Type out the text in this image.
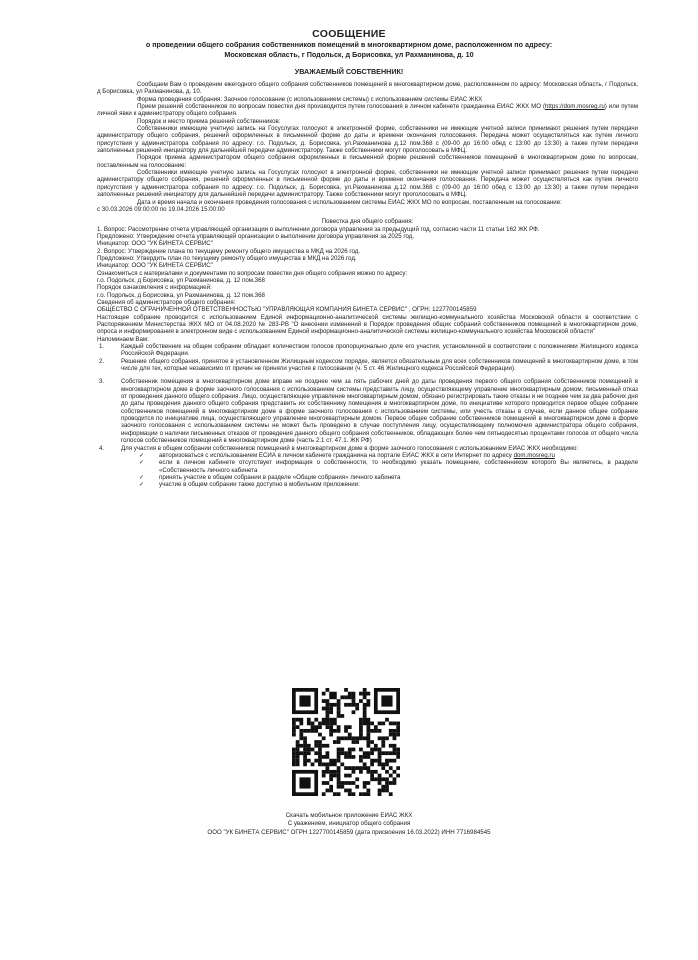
СООБЩЕНИЕ
о проведении общего собрания собственников помещений в многоквартирном доме, расположенном по адресу:
Московская область, г Подольск, д Борисовка, ул Рахманинова, д. 10
УВАЖАЕМЫЙ СОБСТВЕННИК!

Сообщаем Вам о проведении ежегодного общего собрания собственников помещений в многоквартирном доме, расположенном по адресу: Московская область, г Подольск, д Борисовка, ул Рахманинова, д. 10.

Форма проведения собрания: Заочное голосование (с использованием системы) с использованием системы ЕИАС ЖКХ

Прием решений собственников по вопросам повестки дня производится путем голосования в личном кабинете гражданина ЕИАС ЖКХ МО (https://dom.mosreg.ru) или путем личной явки к администратору общего собрания.

Порядок и место приема решений собственников:

Собственники имеющие учетную запись на Госуслугах голосуют в электронной форме, собственники не имеющие учетной записи принимают решения путем передачи администратору общего собрания, решений оформленных в письменной форме до даты и времени окончания голосования. Передача может осуществляться как путем личного присутствия у администратора собрания по адресу: г.о. Подольск, д. Борисовка, ул.Рахманинова д.12 пом.368 с (09-00 до 16:00 обед с 13:00 до 13:30) а также путем передачи заполненных решений инициатору для дальнейшей передачи администратору. Также собственники могут проголосовать в МФЦ.

Порядок приема администратором общего собрания оформленных в письменной форме решений собственников помещений в многоквартирном доме по вопросам, поставленным на голосование:

Собственники имеющие учетную запись на Госуслугах голосуют в электронной форме, собственники не имеющие учетной записи принимают решения путем передачи администратору общего собрания, решений оформленных в письменной форме до даты и времени окончания голосования. Передача может осуществляться как путем личного присутствия у администратора собрания по адресу: г.о. Подольск, д. Борисовка, ул.Рахманинова д.12 пом.368 с (09-00 до 16:00 обед с 13:00 до 13:30) а также путем передачи заполненных решений инициатору для дальнейшей передачи администратору. Также собственники могут проголосовать в МФЦ.

Дата и время начала и окончания проведения голосования с использованием системы ЕИАС ЖКХ МО по вопросам, поставленным на голосование:

с 30.03.2026 09:00:00 по 19.04.2026 15:00:00

Повестка дня общего собрания:

1. Вопрос: Рассмотрение отчета управляющей организации о выполнении договора управления за предыдущий год, согласно части 11 статьи 162 ЖК РФ.

Предложено: Утверждение отчета управляющей организации о выполнении договора управления за 2025 год.

Инициатор: ООО "УК БИНЕТА СЕРВИС"

2. Вопрос: Утверждение плана по текущему ремонту общего имущества в МКД на 2026 год.

Предложено: Утвердить план по текущему ремонту общего имущества в МКД на 2026 год.

Инициатор: ООО "УК БИНЕТА СЕРВИС"

Ознакомиться с материалами и документами по вопросам повестки дня общего собрания можно по адресу:

г.о. Подольск, д Борисовка, ул Рахманинова, д. 12 пом.368

Порядок ознакомления с информацией:

г.о. Подольск, д Борисовка, ул Рахманинова, д. 12 пом.368

Сведения об администраторе общего собрания:

ОБЩЕСТВО С ОГРАНИЧЕННОЙ ОТВЕТСТВЕННОСТЬЮ "УПРАВЛЯЮЩАЯ КОМПАНИЯ БИНЕТА СЕРВИС" , ОГРН: 1227700145859

Настоящее собрание проводится с использованием Единой информационно-аналитической системы жилищно-коммунального хозяйства Московской области в соответствии с Распоряжением Министерства ЖКХ МО от 04.08.2020 № 283-РВ "О внесении изменений в Порядок проведения общих собраний собственников помещений в многоквартирном доме, опроса и информирования в электронном виде с использованием Единой информационно-аналитической системы жилищно-коммунального хозяйства Московской области"

Напоминаем Вам:

1.	Каждый собственник на общем собрании обладает количеством голосов пропорционально доле его участия, установленной в соответствии с положениями Жилищного кодекса Российской Федерации.
2.	Решение общего собрания, принятое в установленном Жилищным кодексом порядке, является обязательным для всех собственников помещений в многоквартирном доме, в том числе для тех, которые независимо от причин не приняли участия в голосовании (ч. 5 ст. 46 Жилищного кодекса Российской Федерации).
3.	Собственник помещения в многоквартирном доме вправе не позднее чем за пять рабочих дней до даты проведения первого общего собрания собственников помещений в многоквартирном доме в форме заочного голосования с использованием системы представить лицу, осуществляющему управление многоквартирным домом, письменный отказ от проведения данного общего собрания. Лицо, осуществляющее управление многоквартирным домом, обязано регистрировать такие отказы и не позднее чем за два рабочих дня до даты проведения данного общего собрания представить их собственнику помещения в многоквартирном доме, по инициативе которого проводится первое общее собрание собственников помещений в многоквартирном доме в форме заочного голосования с использованием системы, или учесть отказы в случае, если данное общее собрание проводится по инициативе лица, осуществляющего управление многоквартирным домом. Первое общее собрание собственников помещений в многоквартирном доме в форме заочного голосования с использованием системы не может быть проведено в случае поступления лицу, осуществляющему полномочия администратора общего собрания, информации о наличии письменных отказов от проведения данного общего собрания собственников, обладающих более чем пятьюдесятью процентами голосов от общего числа голосов собственников помещений в многоквартирном доме (часть 2.1 ст. 47.1. ЖК РФ)
4.	Для участия в общем собрании собственников помещений в многоквартирном доме в форме заочного голосования с использованием ЕИАС ЖКХ необходимо:
✓	авторизоваться с использованием ЕСИА в личном кабинете гражданина на портале ЕИАС ЖКХ в сети Интернет по адресу dom.mosreg.ru
✓	если в личном кабинете отсутствует информация о собственности, то необходимо указать помещение, собственником которого Вы являетесь, в разделе «Собственность личного кабинета
✓	принять участие в общем собрании в разделе «Общие собрания» личного кабинета
✓	участие в общем собрании также доступно в мобильном приложении:
Скачать мобильное приложение ЕИАС ЖКХ
С уважением, инициатор общего собрания
ООО "УК БИНЕТА СЕРВИС" ОГРН 1227700145859 (дата присвоения 16.03.2022) ИНН 7716984545
